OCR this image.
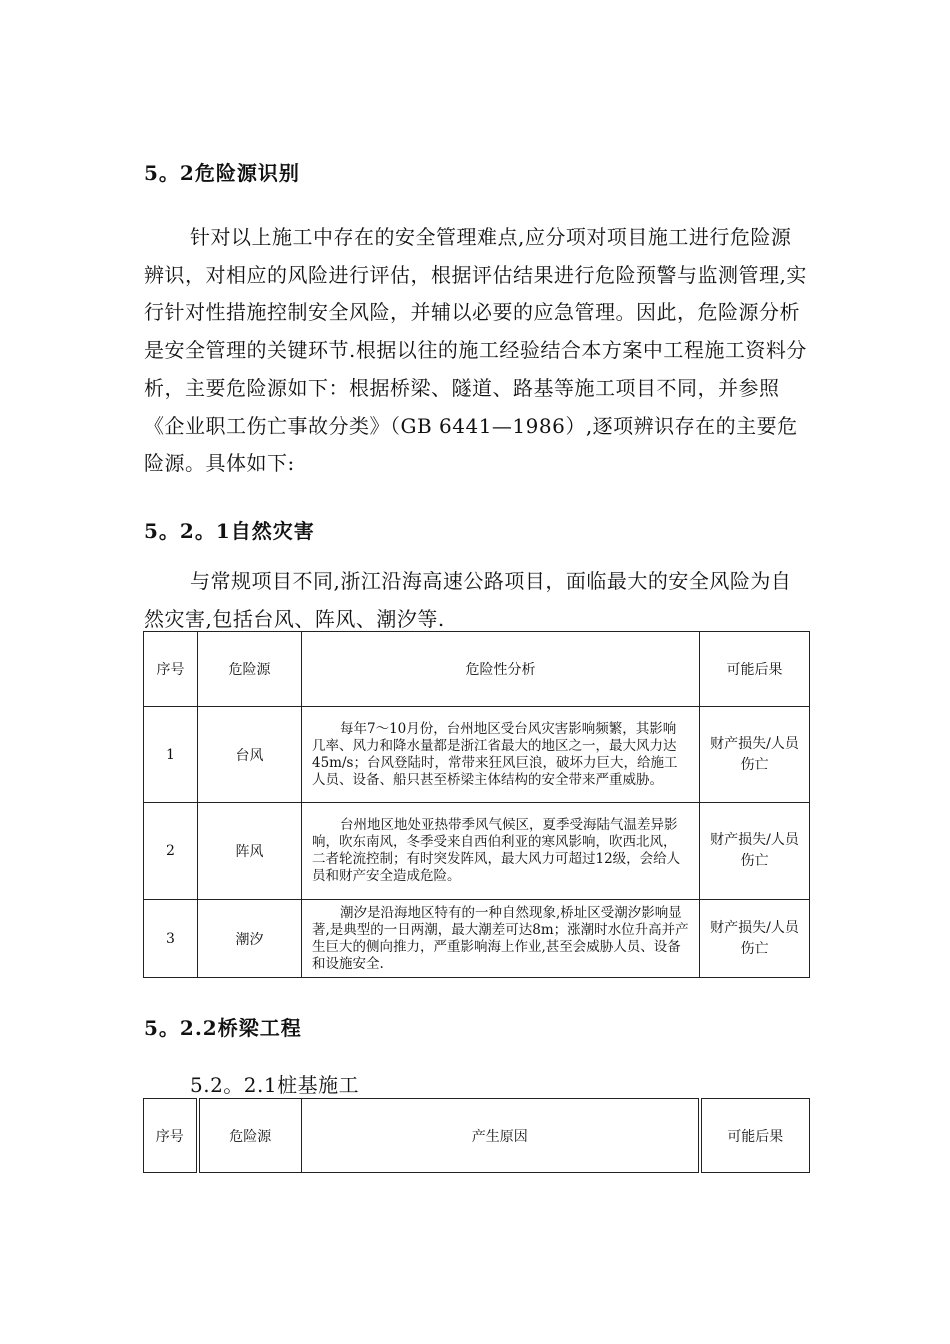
5。2危险源识别
针对以上施工中存在的安全管理难点,应分项对项目施工进行危险源辨识，对相应的风险进行评估，根据评估结果进行危险预警与监测管理,实行针对性措施控制安全风险，并辅以必要的应急管理。因此，危险源分析是安全管理的关键环节.根据以往的施工经验结合本方案中工程施工资料分析，主要危险源如下：根据桥梁、隧道、路基等施工项目不同，并参照《企业职工伤亡事故分类》（GB 6441—1986）,逐项辨识存在的主要危险源。具体如下:
5。2。1自然灾害
与常规项目不同,浙江沿海高速公路项目，面临最大的安全风险为自然灾害,包括台风、阵风、潮汐等.
序号	危险源	危险性分析	可能后果
1	台风	每年7～10月份，台州地区受台风灾害影响频繁，其影响几率、风力和降水量都是浙江省最大的地区之一，最大风力达45m/s；台风登陆时，常带来狂风巨浪，破坏力巨大，给施工人员、设备、船只甚至桥梁主体结构的安全带来严重威胁。	财产损失/人员伤亡
2	阵风	台州地区地处亚热带季风气候区，夏季受海陆气温差异影响，吹东南风，冬季受来自西伯利亚的寒风影响，吹西北风，二者轮流控制；有时突发阵风，最大风力可超过12级，会给人员和财产安全造成危险。	财产损失/人员伤亡
3	潮汐	潮汐是沿海地区特有的一种自然现象,桥址区受潮汐影响显著,是典型的一日两潮，最大潮差可达8m；涨潮时水位升高并产生巨大的侧向推力，严重影响海上作业,甚至会威胁人员、设备和设施安全.	财产损失/人员伤亡
5。2.2桥梁工程
5.2。2.1桩基施工
序号	危险源	产生原因	可能后果
